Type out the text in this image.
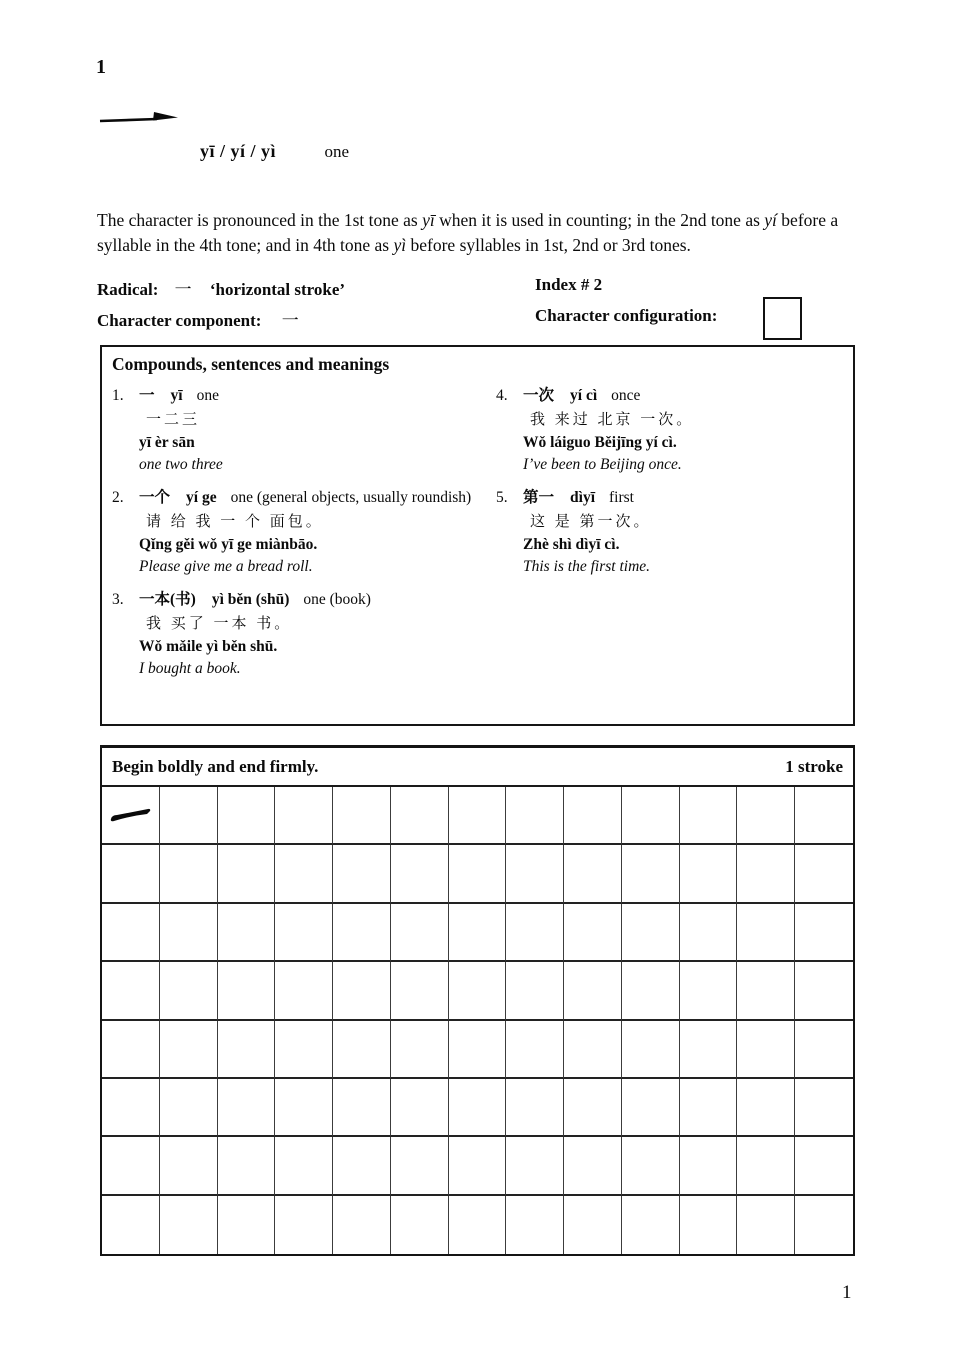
1
yī / yí / yì	one

The character is pronounced in the 1st tone as yī when it is used in counting; in the 2nd tone as yí before a syllable in the 4th tone; and in 4th tone as yì before syllables in 1st, 2nd or 3rd tones.

Radical: 一 ‘horizontal stroke’	Index # 2
Character component: 一	Character configuration:
Compounds, sentences and meanings
1. 一 yī one
一二三
yī èr sān
one two three
2. 一个 yí ge one (general objects, usually roundish)
请 给 我 一 个 面包。
Qǐng gěi wǒ yī ge miànbāo.
Please give me a bread roll.
3. 一本(书) yì běn (shū) one (book)
我 买了 一本 书。
Wǒ mǎile yì běn shū.
I bought a book.
4. 一次 yí cì once
我 来过 北京 一次。
Wǒ láiguo Běijīng yí cì.
I’ve been to Beijing once.
5. 第一 dìyī first
这 是 第一次。
Zhè shì dìyī cì.
This is the first time.
Begin boldly and end firmly.	1 stroke
1
